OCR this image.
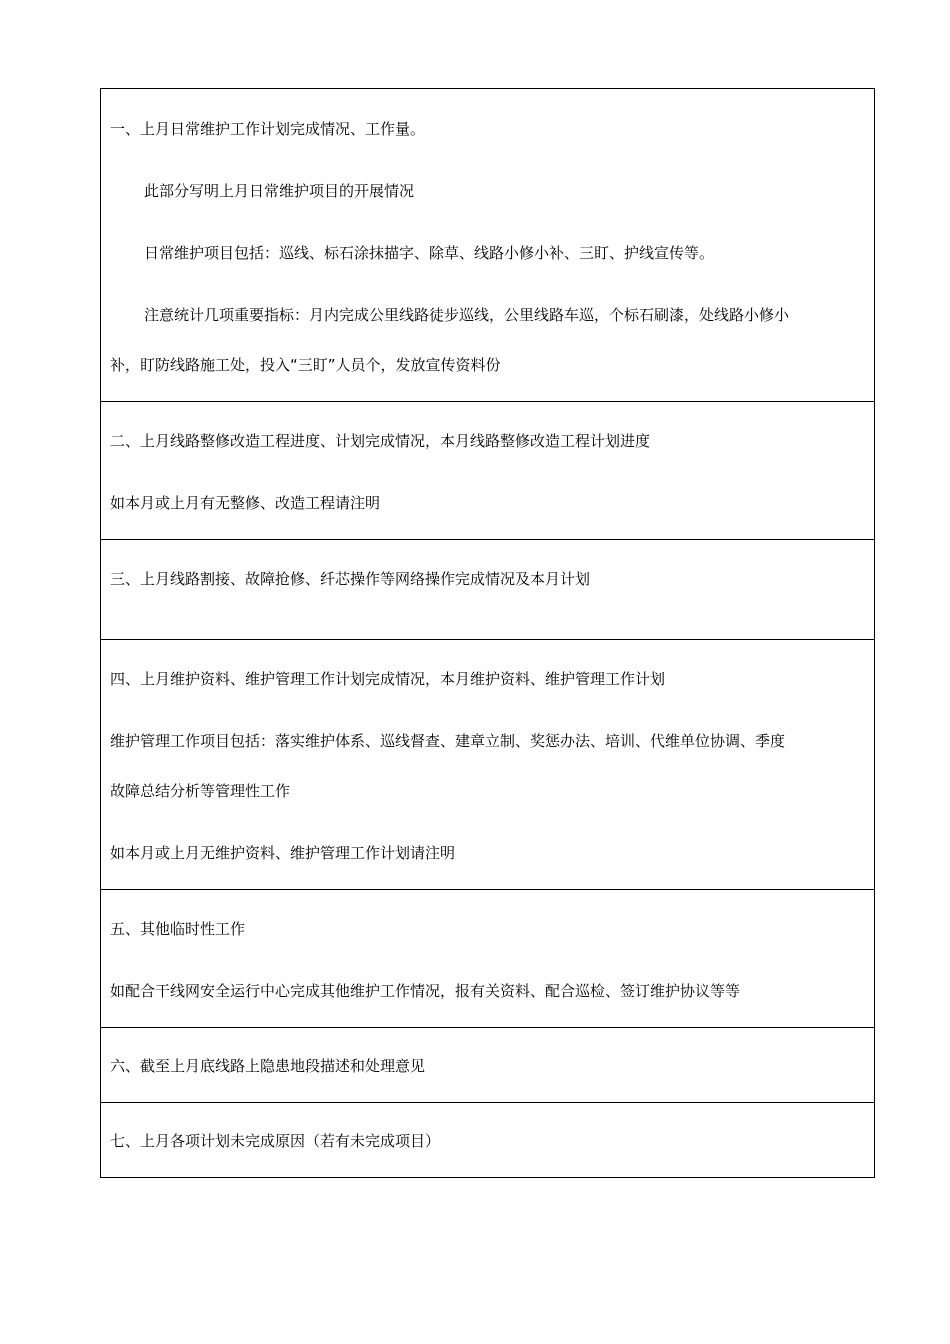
一、上月日常维护工作计划完成情况、工作量。
此部分写明上月日常维护项目的开展情况
日常维护项目包括：巡线、标石涂抹描字、除草、线路小修小补、三盯、护线宣传等。
注意统计几项重要指标：月内完成公里线路徒步巡线，公里线路车巡，个标石刷漆，处线路小修小
补，盯防线路施工处，投入“三盯”人员个，发放宣传资料份
二、上月线路整修改造工程进度、计划完成情况，本月线路整修改造工程计划进度
如本月或上月有无整修、改造工程请注明
三、上月线路割接、故障抢修、纤芯操作等网络操作完成情况及本月计划
四、上月维护资料、维护管理工作计划完成情况，本月维护资料、维护管理工作计划
维护管理工作项目包括：落实维护体系、巡线督查、建章立制、奖惩办法、培训、代维单位协调、季度
故障总结分析等管理性工作
如本月或上月无维护资料、维护管理工作计划请注明
五、其他临时性工作
如配合干线网安全运行中心完成其他维护工作情况，报有关资料、配合巡检、签订维护协议等等
六、截至上月底线路上隐患地段描述和处理意见
七、上月各项计划未完成原因（若有未完成项目）
